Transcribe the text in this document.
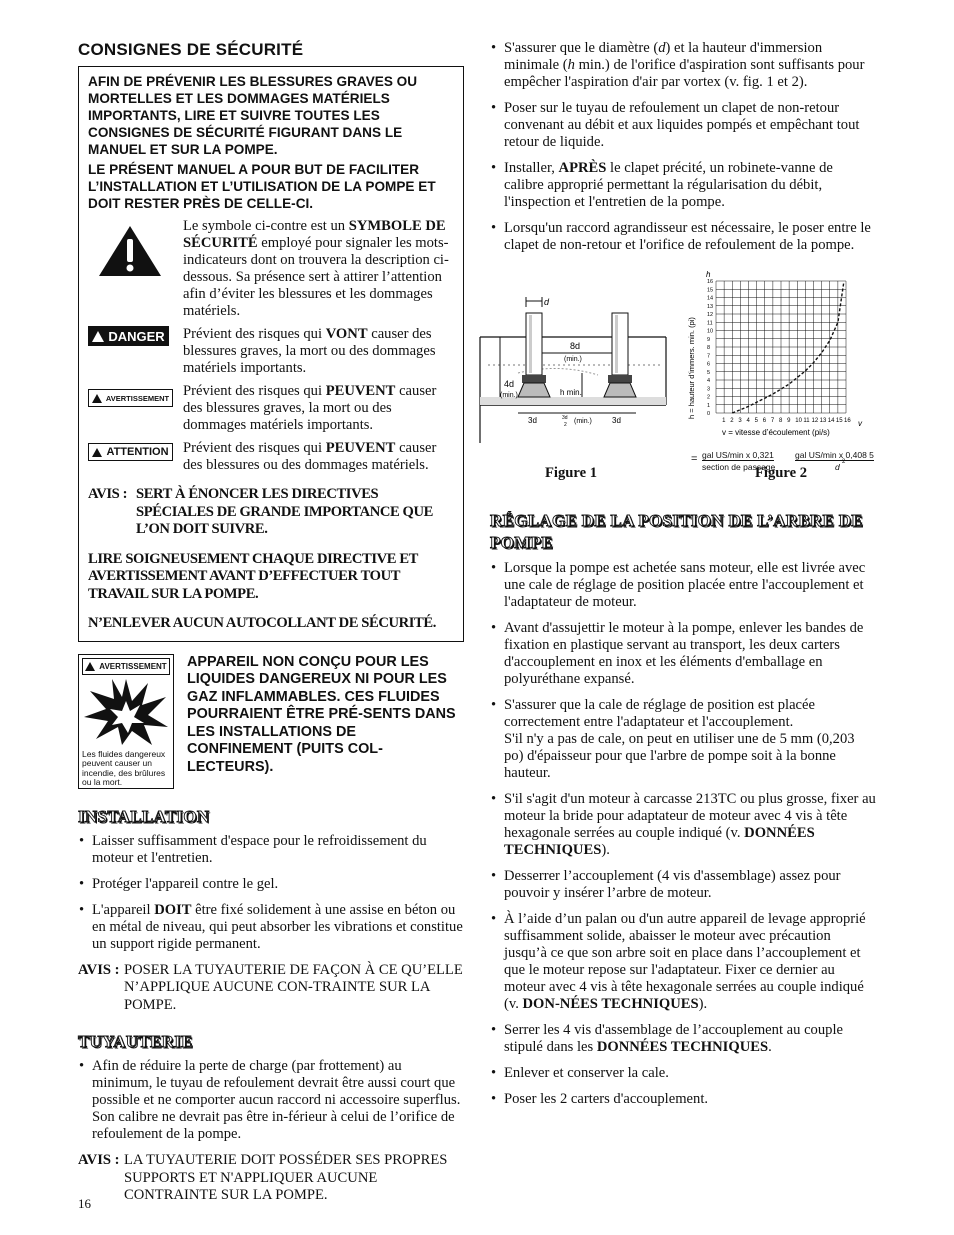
CONSIGNES DE SÉCURITÉ

AFIN DE PRÉVENIR LES BLESSURES GRAVES OU MORTELLES ET LES DOMMAGES MATÉRIELS IMPORTANTS, LIRE ET SUIVRE TOUTES LES CONSIGNES DE SÉCURITÉ FIGURANT DANS LE MANUEL ET SUR LA POMPE.

LE PRÉSENT MANUEL A POUR BUT DE FACILITER L’INSTALLATION ET L’UTILISATION DE LA POMPE ET DOIT RESTER PRÈS DE CELLE-CI.

Le symbole ci-contre est un SYMBOLE DE SÉCURITÉ employé pour signaler les mots-indicateurs dont on trouvera la description ci-dessous. Sa présence sert à attirer l’attention afin d’éviter les blessures et les dommages matériels.

DANGER Prévient des risques qui VONT causer des blessures graves, la mort ou des dommages matériels importants.

AVERTISSEMENT Prévient des risques qui PEUVENT causer des blessures graves, la mort ou des dommages matériels importants.

ATTENTION Prévient des risques qui PEUVENT causer des blessures ou des dommages matériels.

AVIS : SERT À ÉNONCER LES DIRECTIVES SPÉCIALES DE GRANDE IMPORTANCE QUE L’ON DOIT SUIVRE.

LIRE SOIGNEUSEMENT CHAQUE DIRECTIVE ET AVERTISSEMENT AVANT D’EFFECTUER TOUT TRAVAIL SUR LA POMPE.

N’ENLEVER AUCUN AUTOCOLLANT DE SÉCURITÉ.

AVERTISSEMENT
Les fluides dangereux peuvent causer un incendie, des brûlures ou la mort.

APPAREIL NON CONÇU POUR LES LIQUIDES DANGEREUX NI POUR LES GAZ INFLAMMABLES. CES FLUIDES POURRAIENT ÊTRE PRÉ-SENTS DANS LES INSTALLATIONS DE CONFINEMENT (PUITS COL-LECTEURS).

INSTALLATION
• Laisser suffisamment d'espace pour le refroidissement du moteur et l'entretien.
• Protéger l'appareil contre le gel.
• L'appareil DOIT être fixé solidement à une assise en béton ou en métal de niveau, qui peut absorber les vibrations et constitue un support rigide permanent.
AVIS : POSER LA TUYAUTERIE DE FAÇON À CE QU’ELLE N’APPLIQUE AUCUNE CON-TRAINTE SUR LA POMPE.
TUYAUTERIE
• Afin de réduire la perte de charge (par frottement) au minimum, le tuyau de refoulement devrait être aussi court que possible et ne comporter aucun raccord ni accessoire superflus. Son calibre ne devrait pas être in-férieur à celui de l’orifice de refoulement de la pompe.
AVIS : LA TUYAUTERIE DOIT POSSÉDER SES PROPRES SUPPORTS ET N'APPLIQUER AUCUNE CONTRAINTE SUR LA POMPE.
• S'assurer que le diamètre (d) et la hauteur d'immersion minimale (h min.) de l'orifice d'aspiration sont suffisants pour empêcher l'aspiration d'air par vortex (v. fig. 1 et 2).
• Poser sur le tuyau de refoulement un clapet de non-retour convenant au débit et aux liquides pompés et empêchant tout retour de liquide.
• Installer, APRÈS le clapet précité, un robinete-vanne de calibre approprié permettant la régularisation du débit, l'inspection et l'entretien de la pompe.
• Lorsqu'un raccord agrandisseur est nécessaire, le poser entre le clapet de non-retour et l'orifice de refoulement de la pompe.
d
8d
(min.)
4d
(min.)	h min.
3d	3d
2 (min.)	3d
Figure 1
1 2 3 4 5 6 7 8 9 10 11 12 13 14 15 16
0
1
2
3
4
5
6
7
8
9
10
11
12
13
14
15
16
h
v
h = hauteur d’immers. min. (pi)
v = vitesse d’écoulement (pi/s)
= gal US/min x 0,321
section de passage
gal US/min x 0,408 5
d 2
Figure 2
RÉGLAGE DE LA POSITION DE L’ARBRE DE POMPE
• Lorsque la pompe est achetée sans moteur, elle est livrée avec une cale de réglage de position placée entre l'accouplement et l'adaptateur de moteur.
• Avant d'assujettir le moteur à la pompe, enlever les bandes de fixation en plastique servant au transport, les deux carters d'accouplement en inox et les éléments d'emballage en polyuréthane expansé.
• S'assurer que la cale de réglage de position est placée correctement entre l'adaptateur et l'accouplement.
S'il n'y a pas de cale, on peut en utiliser une de 5 mm (0,203 po) d'épaisseur pour que l'arbre de pompe soit à la bonne hauteur.
• S'il s'agit d'un moteur à carcasse 213TC ou plus grosse, fixer au moteur la bride pour adaptateur de moteur avec 4 vis à tête hexagonale serrées au couple indiqué (v. DONNÉES TECHNIQUES).
• Desserrer l’accouplement (4 vis d'assemblage) assez pour pouvoir y insérer l’arbre de moteur.
• À l’aide d’un palan ou d'un autre appareil de levage approprié suffisamment solide, abaisser le moteur avec précaution jusqu’à ce que son arbre soit en place dans l’accouplement et que le moteur repose sur l'adaptateur. Fixer ce dernier au moteur avec 4 vis à tête hexagonale serrées au couple indiqué (v. DON-NÉES TECHNIQUES).
• Serrer les 4 vis d'assemblage de l’accouplement au couple stipulé dans les DONNÉES TECHNIQUES.
• Enlever et conserver la cale.
• Poser les 2 carters d'accouplement.
16
